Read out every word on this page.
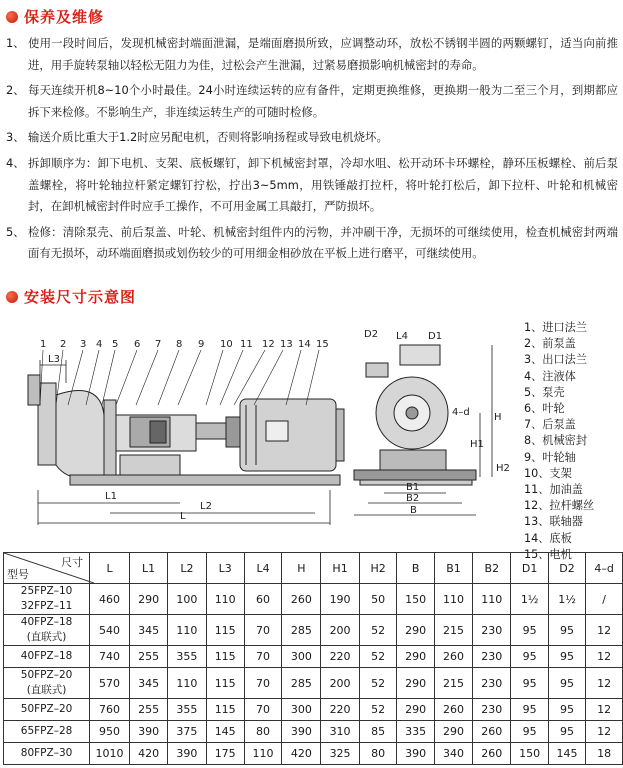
保养及维修
1、 使用一段时间后，发现机械密封端面泄漏，是端面磨损所致，应调整动环，放松不锈钢半圆的两颗螺钉，适当向前推进，用手旋转泵轴以轻松无阻力为佳，过松会产生泄漏，过紧易磨损影响机械密封的寿命。
2、 每天连续开机8~10个小时最佳。24小时连续运转的应有备件，定期更换维修，更换期一般为二至三个月，到期都应拆下来检修。不影响生产，非连续运转生产的可随时检修。
3、 输送介质比重大于1.2时应另配电机，否则将影响扬程或导致电机烧坏。
4、 拆卸顺序为：卸下电机、支架、底板螺钉，卸下机械密封罩，冷却水咀、松开动环卡环螺栓，静环压板螺栓、前后泵盖螺栓，将叶轮轴拉杆紧定螺钉拧松，拧出3~5mm，用铁锤敲打拉杆，将叶轮打松后，卸下拉杆、叶轮和机械密封，在卸机械密封件时应手工操作，不可用金属工具敲打，严防损坏。
5、 检修：清除泵壳、前后泵盖、叶轮、机械密封组件内的污物，并冲刷干净，无损坏的可继续使用，检查机械密封两端面有无损坏，动环端面磨损或划伤较少的可用细金相砂放在平板上进行磨平，可继续使用。
安装尺寸示意图
L3
L1
L2
L
1 2 3 4 5 6 7 8 9 10 11 12 13 14 15
D2 L4 D1
4–d H
H1
H2
B1
B2
B
1、进口法兰
2、前泵盖
3、出口法兰
4、注液体
5、泵壳
6、叶轮
7、后泵盖
8、机械密封
9、叶轮轴
10、支架
11、加油盖
12、拉杆螺丝
13、联轴器
14、底板
15、电机
尺寸
型号	L	L1	L2	L3	L4	H	H1	H2	B	B1	B2	D1	D2	4–d

25FPZ–10
32FPZ–11	460	290	100	110	60	260	190	50	150	110	110	1½	1½	/

40FPZ–18
(直联式)	540	345	110	115	70	285	200	52	290	215	230	95	95	12

40FPZ–18	740	255	355	115	70	300	220	52	290	260	230	95	95	12

50FPZ–20
(直联式)	570	345	110	115	70	285	200	52	290	215	230	95	95	12

50FPZ–20	760	255	355	115	70	300	220	52	290	260	230	95	95	12

65FPZ–28	950	390	375	145	80	390	310	85	335	290	260	95	95	12

80FPZ–30	1010	420	390	175	110	420	325	80	390	340	260	150	145	18
